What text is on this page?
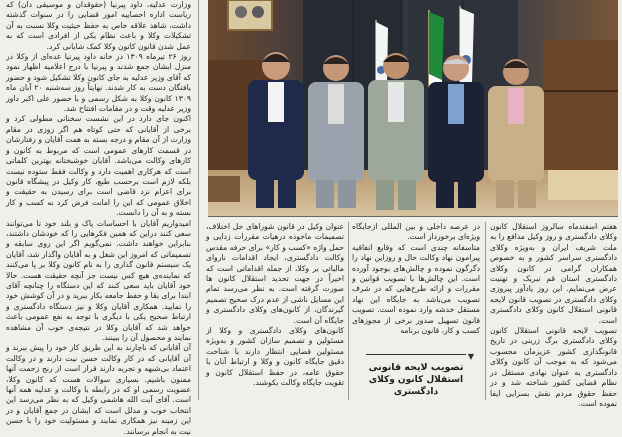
وزارت عدلیه، داود پیرنیا (حقوقدان و موسیقی دان) که ریاست اداره احصاییه امور قضایی را در سنوات گذشته داشت، شاهد علاقه خاص به حفظ حیثیت وکلا نسبت به آن تشکیلات وکلا و باعث نظام یکی از افرادی است که به عمل شدن قانون کانون وکلا کمک شایانی کرد.

روز ۲۶ تیرماه ۱۳۰۹ در خانه داود پیرنیا عده‌ای از وکلا در منزل ایشان جمع شدند و پیرنیا با درج اعلامیه اظهار نمود که آقای وزیر عدلیه به جای کانون وکلا تشکیل شود و حضور یافتگان دست به کار شدند. نهایتاً روز سه‌شنبه ۲۰ آبان ماه ۱۳۰۹ کانون وکلا به شکل رسمی و با حضور علی اکبر داور وزیر عدلیه وقت و در مقامات افتتاح شد.

اکنون جای دارد در این نشست سخنانی مطولی کرد و برخی از آقایانی که حتی کوتاه هم اگر روزی در مقام وزارت از آن مقام و درجه بسته به همت آقایان و رفتارشان در قسمت کارهای عمومی است که مربوط به کانون و کارهای وکالت می‌باشد. آقایان خوشبختانه بهترین کلماتی است که هرکاری اهمیت دارد و وکالت فقط ستوده نیست بلکه لازم است برحسب طبع، کار وکیل در پیشگاه قانون برای اعزام نزد قاضی است برای رسیدن به حقیقت و اخلاق عمومی که این را امانت فرض کرد نه کسب و کار بسته و به آن را دانست.

امیدواریم آقایان با احساسات پاک و بلند خود تا می‌توانند سعی کنند دراین که همین فکرهایی را که خودشان داشتند، بنابراین خواهند داشت. نمی‌گویم اگر این روی سابقه و تصمیماتی که امروز این شغل و به آقایان واگذار شد، آقایان یک سیستم قانون گذاری را به نام کانون وکلا بر پا می‌کنند که نماینده‌ی هیچ کس نیست جز آنچه حقیقت هست. حالا خود آقایان باید سعی کنند که این دستگاه را چنانچه آقای ابتدا برای بقا و حفظ جامعه بکار ببرید و در آن کوشش خود را نمایید. همکاری آقایان وکلا و نیز دستگاه دادگستری و ارتباط صحیح یکی با دیگری با توجه به نفع عمومی باعث خواهد شد که آقایان وکلا در نتیجه‌ی خوب آن مشاهده نمایند و محصول آن را ببینند.

آن آقایانی که ناچارند به این طریق کار خود را پیش ببرند و آن آقایانی که در کار وکالت حسن نیت دارند و در وکالت اعتماد بی‌شبهه و تجربه دارند قرار است از رنج زحمت آنها ممنون باشیم. بسیاری سوالات هست که کانون وکلا، عضویت رسمی او که در رابطه با وکالت و عدلیه همه آنها است. آقای آیت الله هاشمی وکیل که به نظر می‌رسد این انتخاب خوب و مدلل است که ایشان در جمع آقایان و در این زمینه نیز همکاری نمایند و مسئولیت خود را با حسن نیت به انجام برسانند.

عنوان وکیل در قانون شوراهای حل اختلاف، تصمیمات ماخوذه درهیات مقررات زدایی و حمل واژه «کسب و کار» برای حرفه مقدس وکالت دادگستری، ایجاد اقدامات ناروای مالیاتی بر وکلا، از جمله اقداماتی است که اخیراً در جهت تحدید استقلال کانون ها صورت گرفته است. به نظر می‌رسد تمام این مسایل ناشی از عدم درک صحیح تصمیم گیرندگان، از کانون‌های وکلای دادگستری و جایگاه آن است.

کانون‌های وکلای دادگستری و وکلا از مسئولین و تصمیم سازان کشور و به‌ویژه مسئولین قضایی انتظار دارند با شناخت دقیق جایگاه کانون و وکلا و ارتباط آنان با حقوق عامه، در حفظ استقلال کانون و تقویت جایگاه وکالت بکوشند.

در عرصه داخلی و بین المللی ازجایگاه ویژه‌ای برخوردار است.

متاسفانه چندی است که وقایع اتفاقیه پیرامون نهاد وکالت حال و روزاین نهاد را دگرگون نموده و چالش‌های بوجود آورده است. این چالش‌ها با تصویب قوانین و مقررات و ارائه طرح‌هایی که در شرف تصویب می‌باشد به جایگاه این نهاد مستقل خدشه وارد نموده است. تصویب قانون تسهیل صدور برخی از مجوزهای کسب و کار، قانون برنامه

▼
تصویب لایحه قانونی
استقلال کانون وکلای دادگستری

هفتم اسفندماه سالروز استقلال کانون وکلای دادگستری و روز وکیل مدافع را به ملت شریف ایران و به‌ویژه وکلای دادگستری سراسر کشور و به خصوص همکاران گرامی در کانون وکلای دادگستری استان قم تبریک و تهنیت عرض می‌نمایم. این روز یادآور پیروزی وکلای دادگستری در تصویب قانون لایحه قانونی استقلال کانون وکلای دادگستری است.

تصویب لایحه قانونی استقلال کانون وکلای دادگستری برگ زرینی در تاریخ قانونگذاری کشور عزیزمان محسوب می‌شود که به موجب آن کانون وکلای دادگستری به عنوان نهادی مستقل در نظام قضایی کشور شناخته شد و در حفظ حقوق مردم نقش بسزایی ایفا نموده است.
